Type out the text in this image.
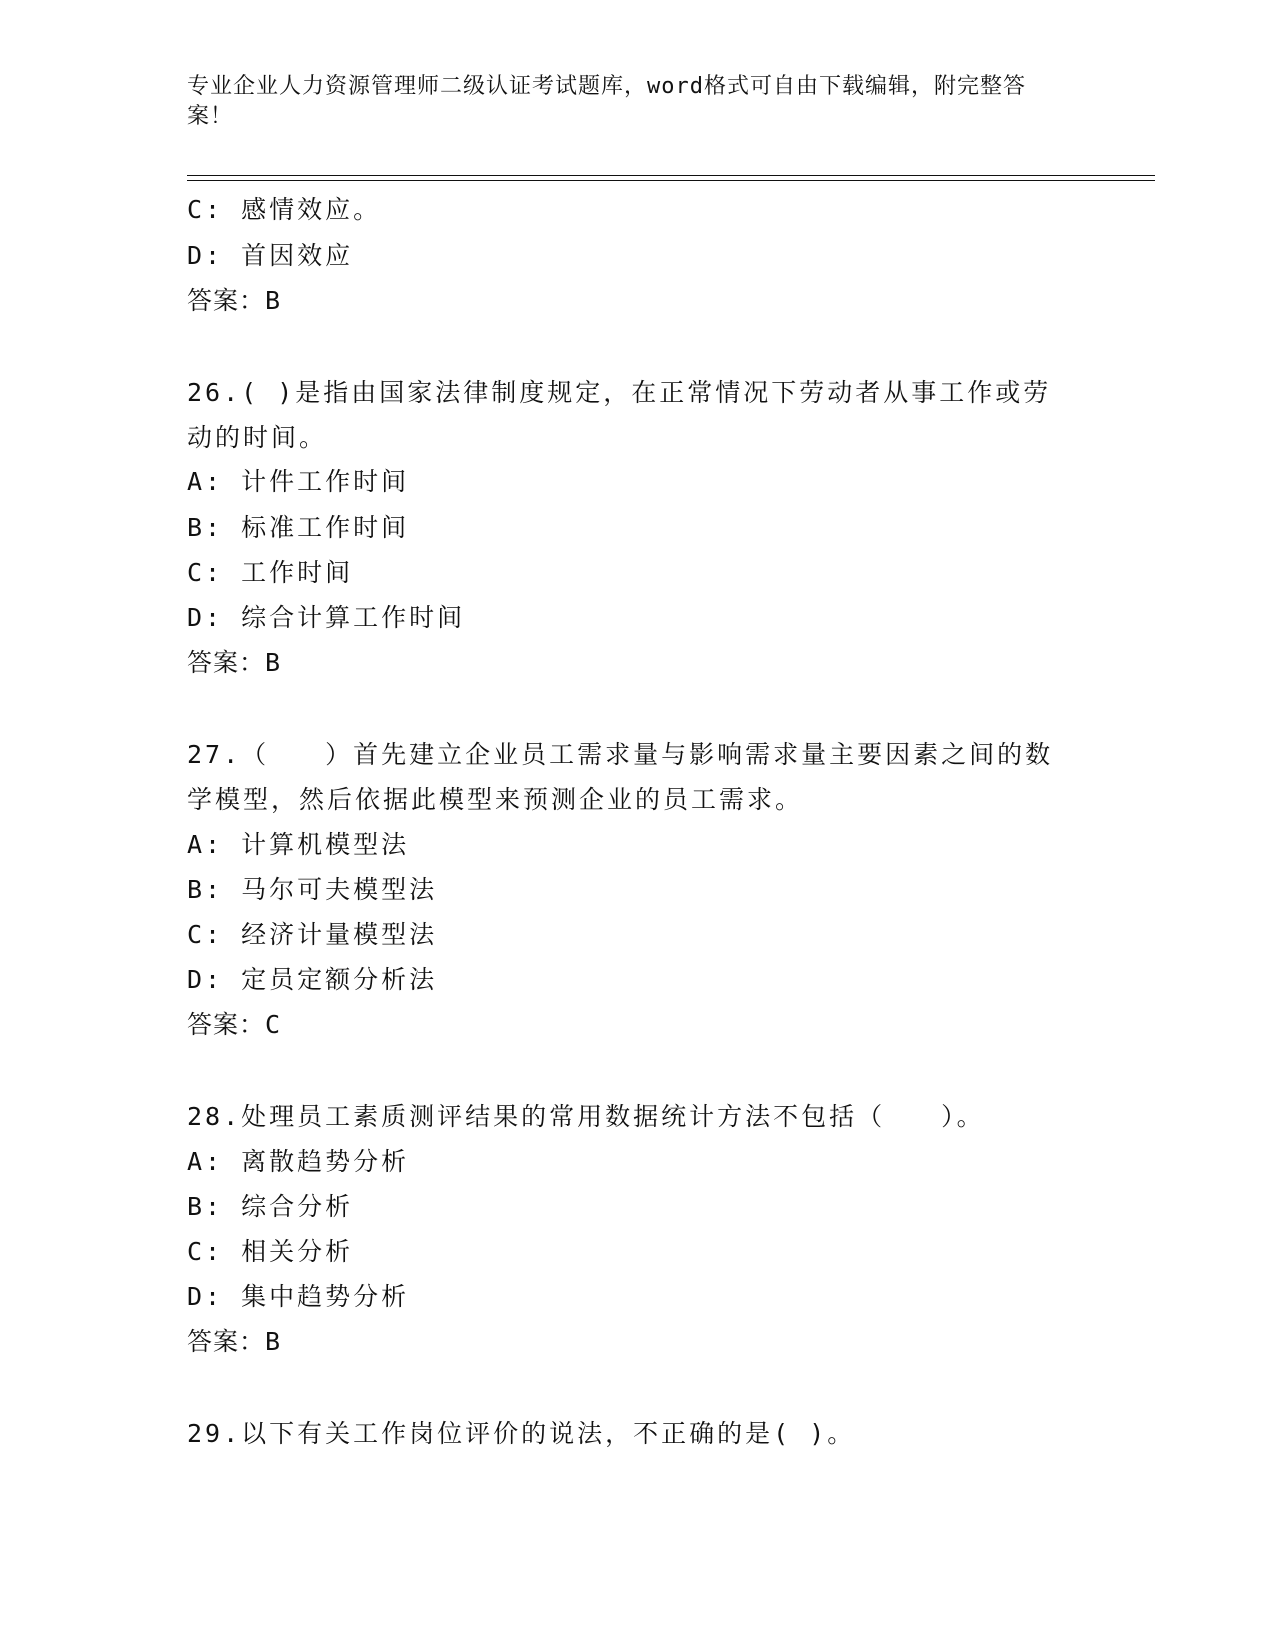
专业企业人力资源管理师二级认证考试题库，word格式可自由下载编辑，附完整答案！
C: 感情效应。
D: 首因效应
答案：B
26.( )是指由国家法律制度规定，在正常情况下劳动者从事工作或劳
动的时间。
A: 计件工作时间
B: 标准工作时间
C: 工作时间
D: 综合计算工作时间
答案：B
27.（　　）首先建立企业员工需求量与影响需求量主要因素之间的数
学模型，然后依据此模型来预测企业的员工需求。
A: 计算机模型法
B: 马尔可夫模型法
C: 经济计量模型法
D: 定员定额分析法
答案：C
28.处理员工素质测评结果的常用数据统计方法不包括（　　）。
A: 离散趋势分析
B: 综合分析
C: 相关分析
D: 集中趋势分析
答案：B
29.以下有关工作岗位评价的说法，不正确的是( )。
